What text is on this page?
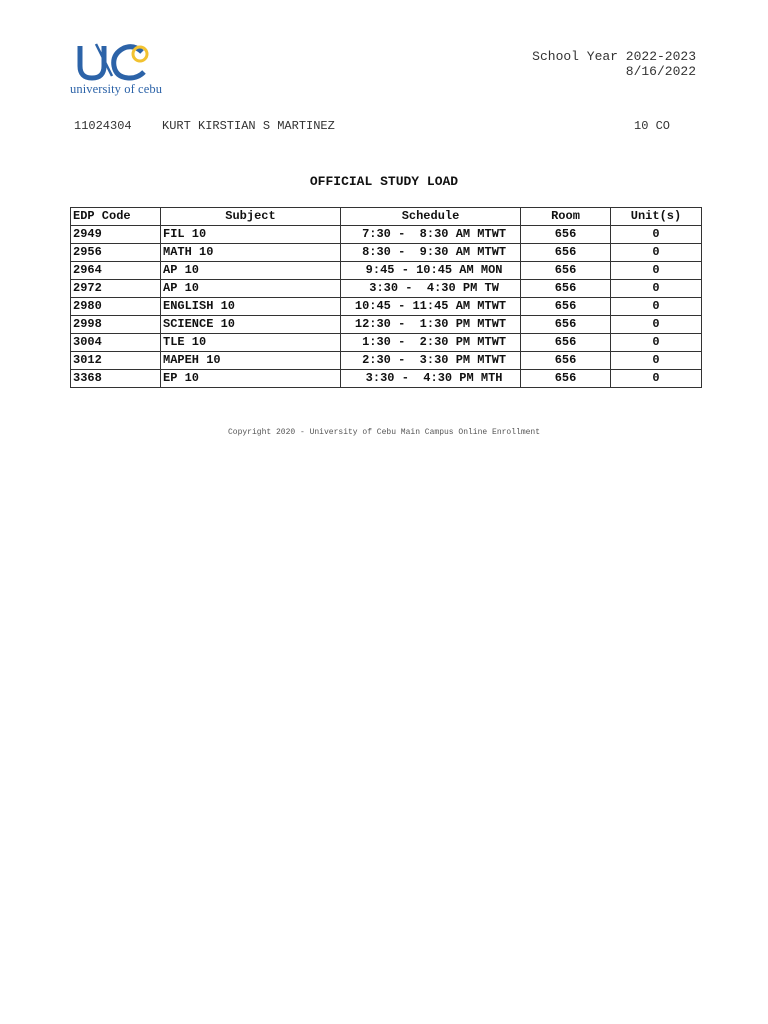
university of cebu
School Year 2022-2023
8/16/2022
11024304	KURT KIRSTIAN S MARTINEZ	10 CO
OFFICIAL STUDY LOAD
EDP Code	Subject	Schedule	Room	Unit(s)
2949	FIL 10	7:30 -  8:30 AM MTWT	656	0
2956	MATH 10	8:30 -  9:30 AM MTWT	656	0
2964	AP 10	9:45 - 10:45 AM MON	656	0
2972	AP 10	3:30 -  4:30 PM TW	656	0
2980	ENGLISH 10	10:45 - 11:45 AM MTWT	656	0
2998	SCIENCE 10	12:30 -  1:30 PM MTWT	656	0
3004	TLE 10	1:30 -  2:30 PM MTWT	656	0
3012	MAPEH 10	2:30 -  3:30 PM MTWT	656	0
3368	EP 10	3:30 -  4:30 PM MTH	656	0
Copyright 2020 - University of Cebu Main Campus Online Enrollment
